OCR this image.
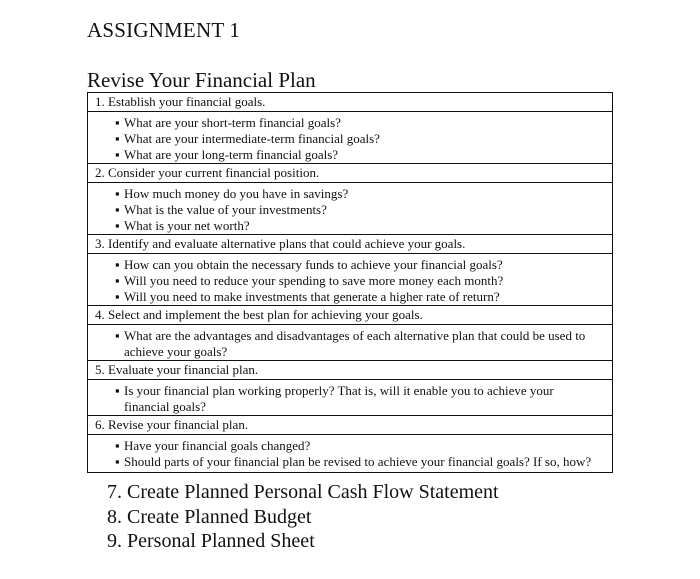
ASSIGNMENT 1
Revise Your Financial Plan
1. Establish your financial goals.
▪ What are your short-term financial goals?
▪ What are your intermediate-term financial goals?
▪ What are your long-term financial goals?
2. Consider your current financial position.
▪ How much money do you have in savings?
▪ What is the value of your investments?
▪ What is your net worth?
3. Identify and evaluate alternative plans that could achieve your goals.
▪ How can you obtain the necessary funds to achieve your financial goals?
▪ Will you need to reduce your spending to save more money each month?
▪ Will you need to make investments that generate a higher rate of return?
4. Select and implement the best plan for achieving your goals.
▪ What are the advantages and disadvantages of each alternative plan that could be used to achieve your goals?
5. Evaluate your financial plan.
▪ Is your financial plan working properly? That is, will it enable you to achieve your financial goals?
6. Revise your financial plan.
▪ Have your financial goals changed?
▪ Should parts of your financial plan be revised to achieve your financial goals? If so, how?
7. Create Planned Personal Cash Flow Statement
8. Create Planned Budget
9. Personal Planned Sheet
